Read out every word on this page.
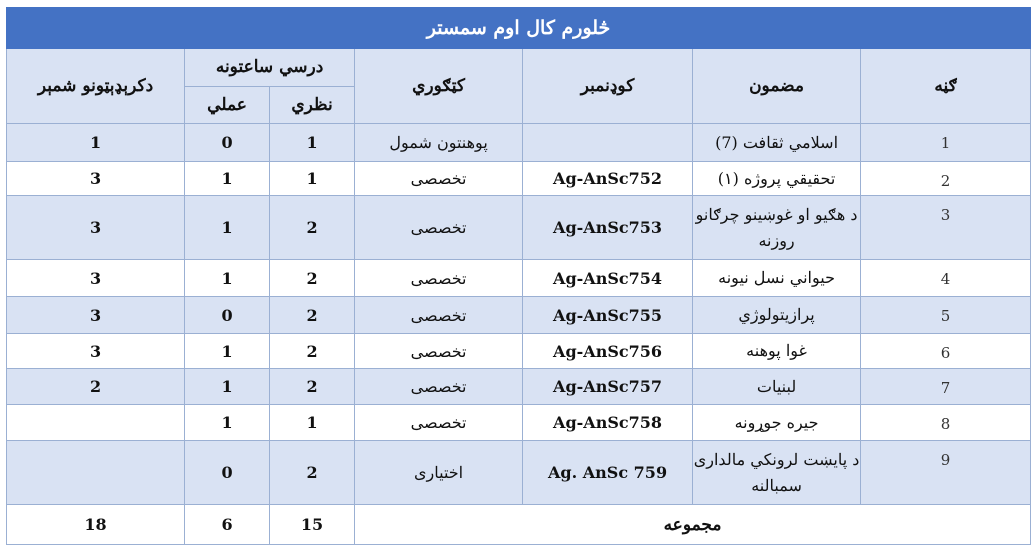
څلورم کال اوم سمستر						
ګڼه	مضمون	کوډنمبر	کټګوري	درسي ساعتونه		دکرېډېټونو شمېر
				نظري	عملي	
1	اسلامي ثقافت (7)		پوهنتون شمول	1	0	1
2	تحقيقي پروژه (١)	Ag-AnSc752	تخصصی	1	1	3
3	د هګیو او غوښینو چرګانو روزنه	Ag-AnSc753	تخصصی	2	1	3
4	حيواني نسل نيونه	Ag-AnSc754	تخصصی	2	1	3
5	پرازيتولوژي	Ag-AnSc755	تخصصی	2	0	3
6	غوا پوهنه	Ag-AnSc756	تخصصی	2	1	3
7	لبنيات	Ag-AnSc757	تخصصی	2	1	2
8	جيره جوړونه	Ag-AnSc758	تخصصی	1	1	
9	د پایښت لرونکي مالداری سمبالنه	Ag. AnSc 759	اختياری	2	0	
مجموعه				15	6	18
